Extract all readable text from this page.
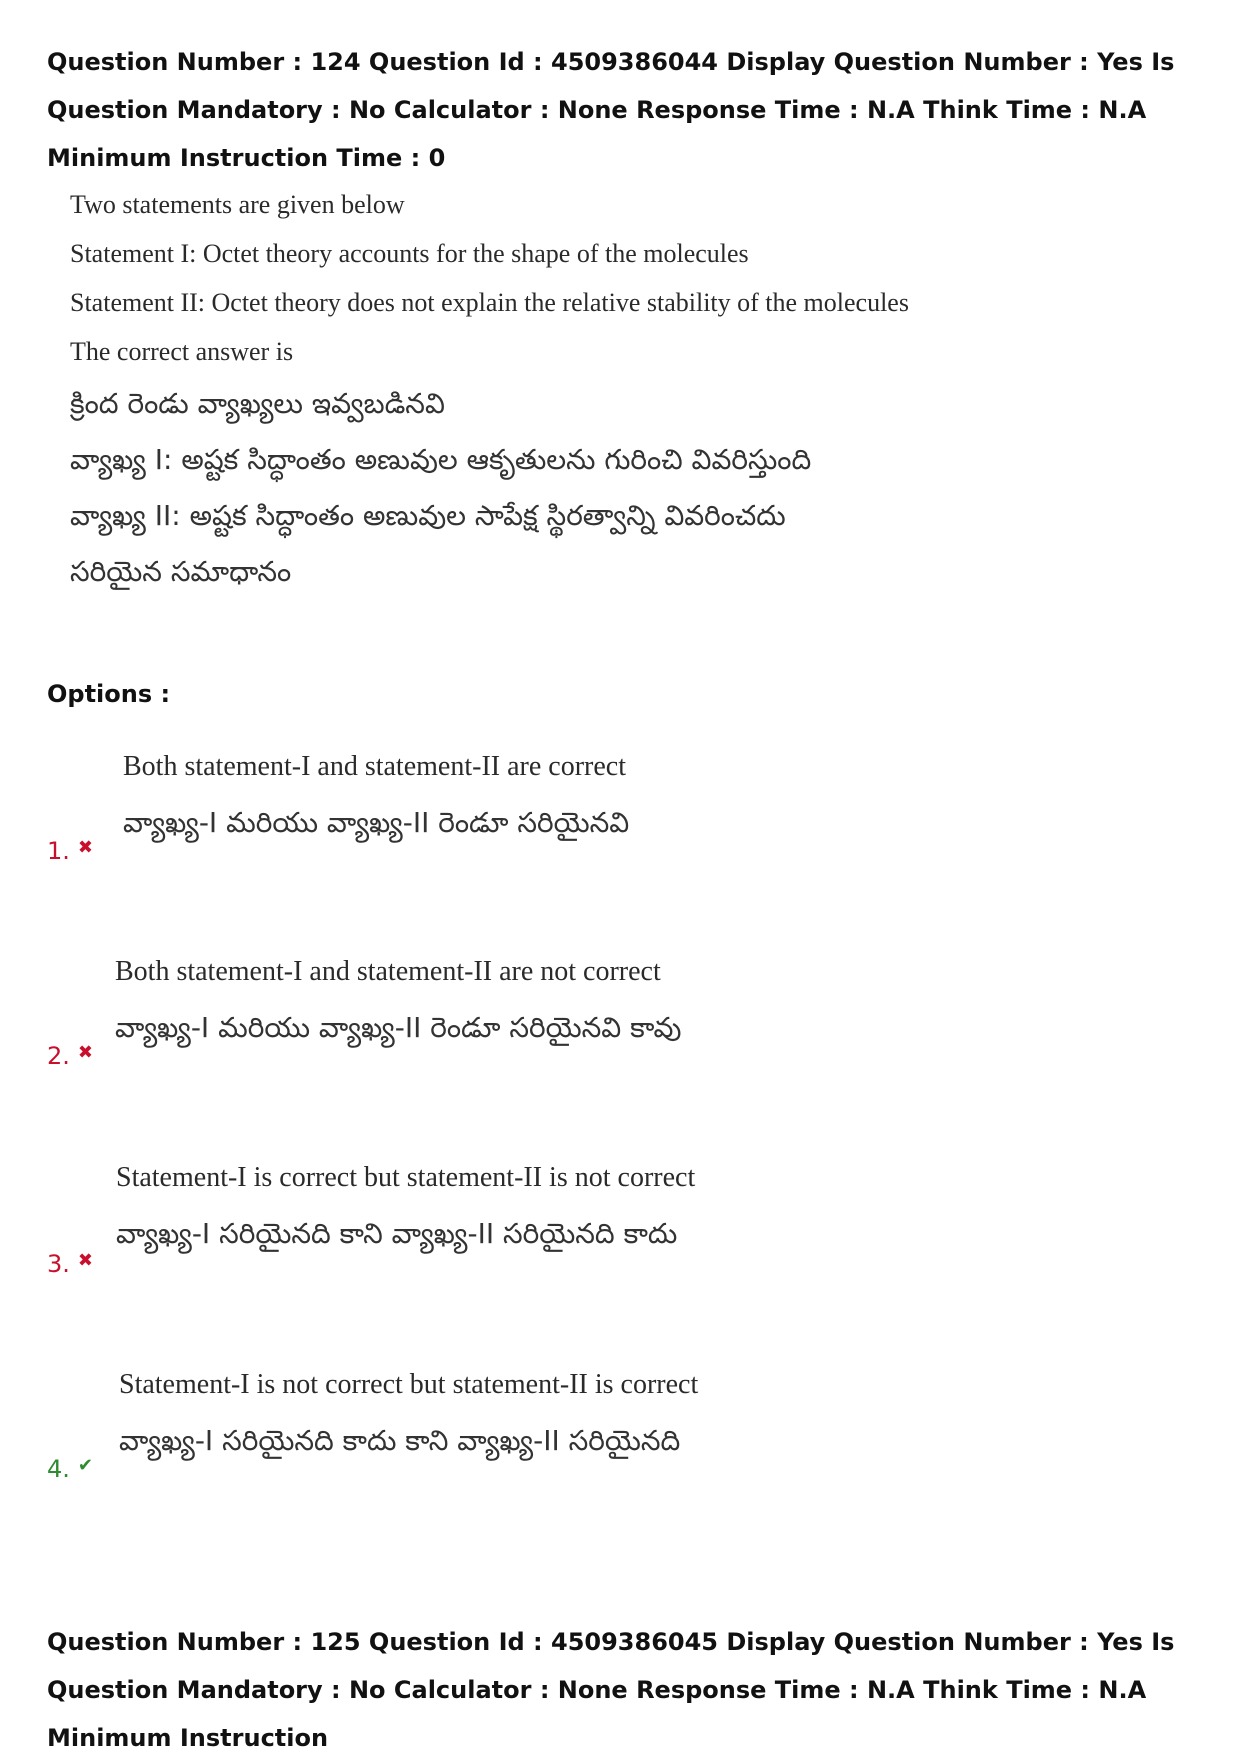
Question Number : 124 Question Id : 4509386044 Display Question Number : Yes Is Question Mandatory : No Calculator : None Response Time : N.A Think Time : N.A Minimum Instruction Time : 0
Two statements are given below
Statement I: Octet theory accounts for the shape of the molecules
Statement II: Octet theory does not explain the relative stability of the molecules
The correct answer is
క్రింద రెండు వ్యాఖ్యలు ఇవ్వబడినవి
వ్యాఖ్య I: అష్టక సిద్ధాంతం అణువుల ఆకృతులను గురించి వివరిస్తుంది
వ్యాఖ్య II: అష్టక సిద్ధాంతం అణువుల సాపేక్ష స్థిరత్వాన్ని వివరించదు
సరియైన సమాధానం
Options :
Both statement-I and statement-II are correct
వ్యాఖ్య-I మరియు వ్యాఖ్య-II రెండూ సరియైనవి
1. ✖
Both statement-I and statement-II are not correct
వ్యాఖ్య-I మరియు వ్యాఖ్య-II రెండూ సరియైనవి కావు
2. ✖
Statement-I is correct but statement-II is not correct
వ్యాఖ్య-I సరియైనది కాని వ్యాఖ్య-II సరియైనది కాదు
3. ✖
Statement-I is not correct but statement-II is correct
వ్యాఖ్య-I సరియైనది కాదు కాని వ్యాఖ్య-II సరియైనది
4. ✔
Question Number : 125 Question Id : 4509386045 Display Question Number : Yes Is Question Mandatory : No Calculator : None Response Time : N.A Think Time : N.A Minimum Instruction
